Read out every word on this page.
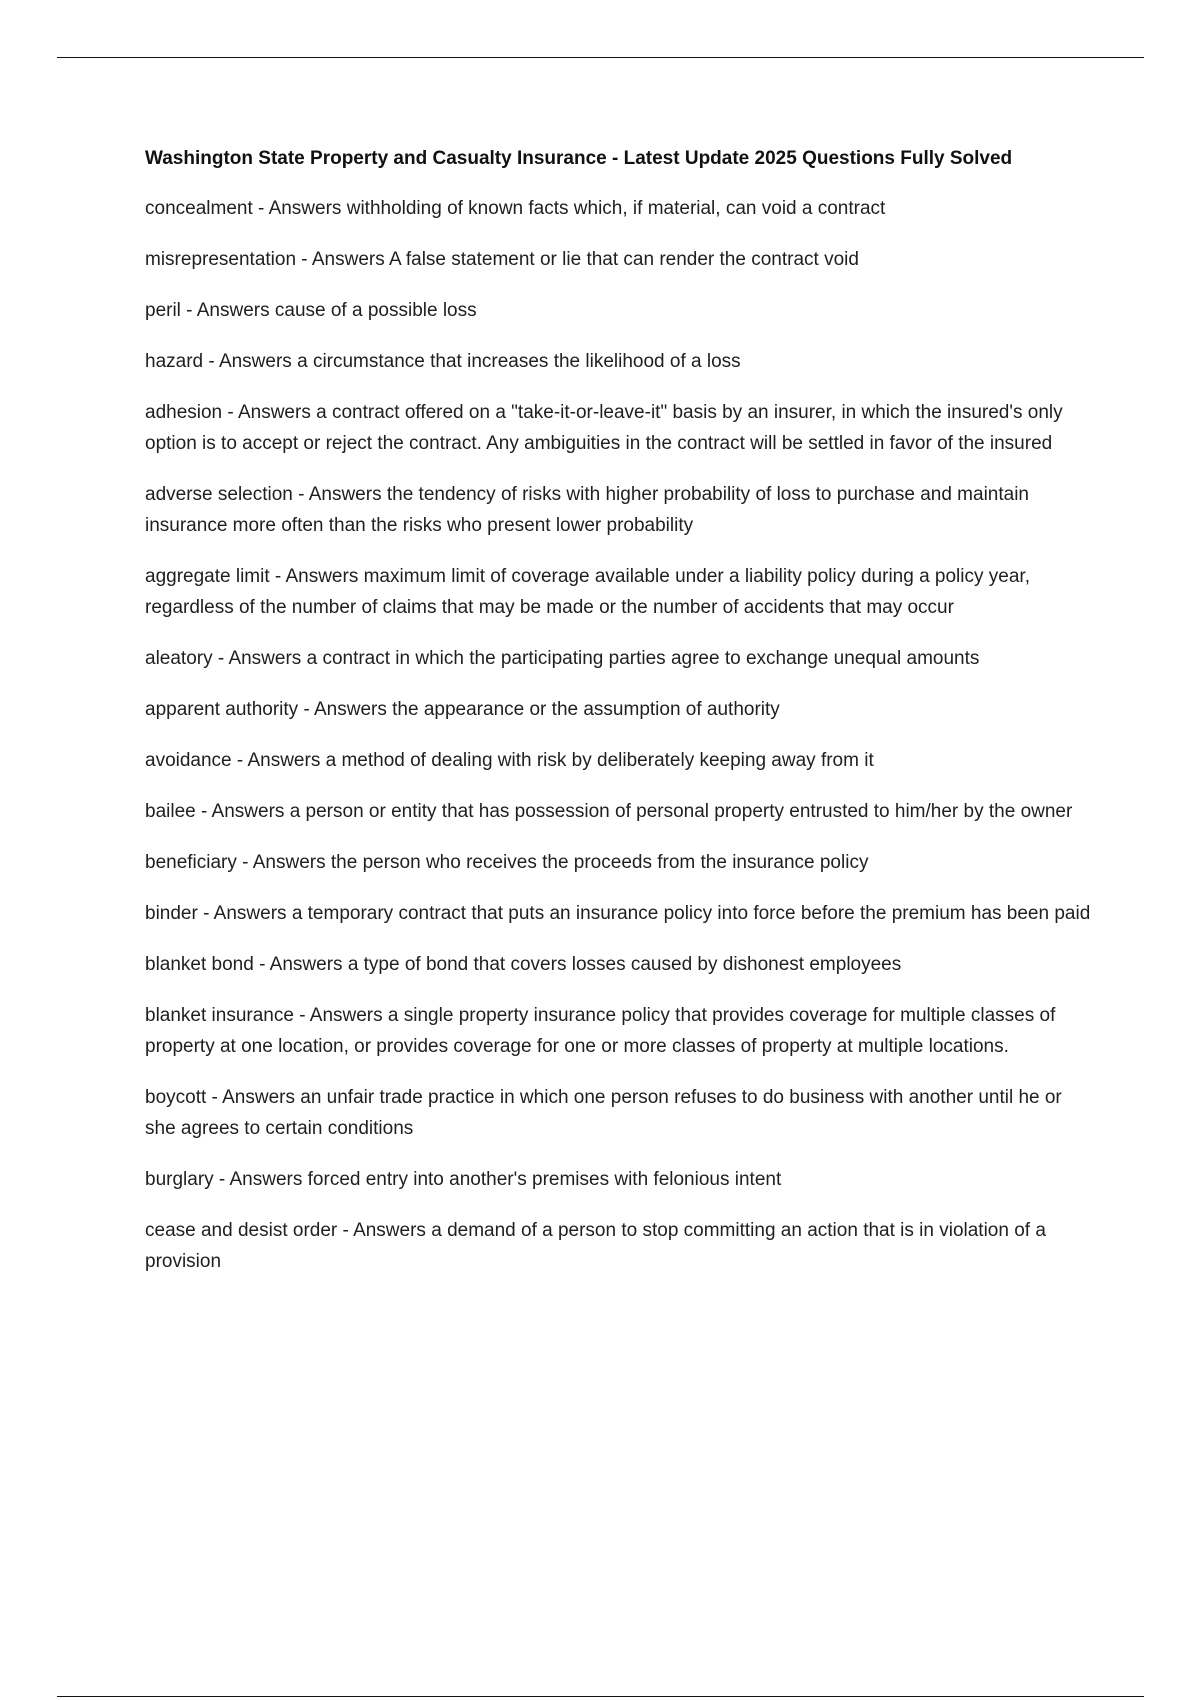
Washington State Property and Casualty Insurance - Latest Update 2025 Questions Fully Solved
concealment - Answers withholding of known facts which, if material, can void a contract
misrepresentation - Answers A false statement or lie that can render the contract void
peril - Answers cause of a possible loss
hazard - Answers a circumstance that increases the likelihood of a loss
adhesion - Answers a contract offered on a "take-it-or-leave-it" basis by an insurer, in which the insured's only option is to accept or reject the contract. Any ambiguities in the contract will be settled in favor of the insured
adverse selection - Answers the tendency of risks with higher probability of loss to purchase and maintain insurance more often than the risks who present lower probability
aggregate limit - Answers maximum limit of coverage available under a liability policy during a policy year, regardless of the number of claims that may be made or the number of accidents that may occur
aleatory - Answers a contract in which the participating parties agree to exchange unequal amounts
apparent authority - Answers the appearance or the assumption of authority
avoidance - Answers a method of dealing with risk by deliberately keeping away from it
bailee - Answers a person or entity that has possession of personal property entrusted to him/her by the owner
beneficiary - Answers the person who receives the proceeds from the insurance policy
binder - Answers a temporary contract that puts an insurance policy into force before the premium has been paid
blanket bond - Answers a type of bond that covers losses caused by dishonest employees
blanket insurance - Answers a single property insurance policy that provides coverage for multiple classes of property at one location, or provides coverage for one or more classes of property at multiple locations.
boycott - Answers an unfair trade practice in which one person refuses to do business with another until he or she agrees to certain conditions
burglary - Answers forced entry into another's premises with felonious intent
cease and desist order - Answers a demand of a person to stop committing an action that is in violation of a provision
